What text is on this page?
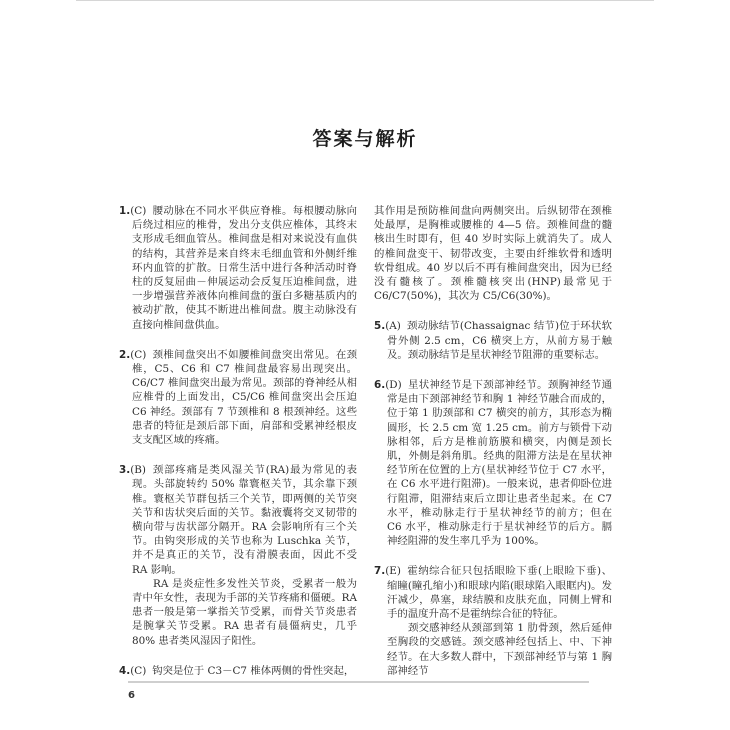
答案与解析

1.(C) 腰动脉在不同水平供应脊椎。每根腰动脉向后绕过相应的椎骨，发出分支供应椎体，其终末支形成毛细血管丛。椎间盘是相对来说没有血供的结构，其营养是来自终末毛细血管和外侧纤维环内血管的扩散。日常生活中进行各种活动时脊柱的反复屈曲－伸展运动会反复压迫椎间盘，进一步增强营养液体向椎间盘的蛋白多糖基质内的被动扩散，使其不断进出椎间盘。腹主动脉没有直接向椎间盘供血。

2.(C) 颈椎间盘突出不如腰椎间盘突出常见。在颈椎，C5、C6 和 C7 椎间盘最容易出现突出。C6/C7 椎间盘突出最为常见。颈部的脊神经从相应椎骨的上面发出，C5/C6 椎间盘突出会压迫 C6 神经。颈部有 7 节颈椎和 8 根颈神经。这些患者的特征是颈后部下面，肩部和受累神经根皮支支配区域的疼痛。

3.(B) 颈部疼痛是类风湿关节(RA)最为常见的表现。头部旋转约 50% 靠寰枢关节，其余靠下颈椎。寰枢关节群包括三个关节，即两侧的关节突关节和齿状突后面的关节。黏液囊将交叉韧带的横向带与齿状部分隔开。RA 会影响所有三个关节。由钩突形成的关节也称为 Luschka 关节，并不是真正的关节，没有滑膜表面，因此不受 RA 影响。

RA 是炎症性多发性关节炎，受累者一般为青中年女性，表现为手部的关节疼痛和僵硬。RA 患者一般是第一掌指关节受累，而骨关节炎患者是腕掌关节受累。RA 患者有晨僵病史，几乎 80% 患者类风湿因子阳性。

4.(C) 钩突是位于 C3－C7 椎体两侧的骨性突起，

其作用是预防椎间盘向两侧突出。后纵韧带在颈椎处最厚，是胸椎或腰椎的 4—5 倍。颈椎间盘的髓核出生时即有，但 40 岁时实际上就消失了。成人的椎间盘变干、韧带改变，主要由纤维软骨和透明软骨组成。40 岁以后不再有椎间盘突出，因为已经没有髓核了。颈椎髓核突出(HNP)最常见于 C6/C7(50%)，其次为 C5/C6(30%)。

5.(A) 颈动脉结节(Chassaignac 结节)位于环状软骨外侧 2.5 cm，C6 横突上方，从前方易于触及。颈动脉结节是星状神经节阻滞的重要标志。

6.(D) 星状神经节是下颈部神经节。颈胸神经节通常是由下颈部神经节和胸 1 神经节融合而成的，位于第 1 肋颈部和 C7 横突的前方，其形态为椭圆形，长 2.5 cm 宽 1.25 cm。前方与锁骨下动脉相邻，后方是椎前筋膜和横突，内侧是颈长肌，外侧是斜角肌。经典的阻滞方法是在星状神经节所在位置的上方(星状神经节位于 C7 水平，在 C6 水平进行阻滞)。一般来说，患者仰卧位进行阻滞，阻滞结束后立即让患者坐起来。在 C7 水平，椎动脉走行于星状神经节的前方；但在 C6 水平，椎动脉走行于星状神经节的后方。膈神经阻滞的发生率几乎为 100%。

7.(E) 霍纳综合征只包括眼睑下垂(上眼睑下垂)、缩瞳(瞳孔缩小)和眼球内陷(眼球陷入眼眶内)。发汗减少，鼻塞，球结膜和皮肤充血，同侧上臂和手的温度升高不是霍纳综合征的特征。

颈交感神经从颈部到第 1 肋骨颈，然后延伸至胸段的交感链。颈交感神经包括上、中、下神经节。在大多数人群中，下颈部神经节与第 1 胸部神经节

6
